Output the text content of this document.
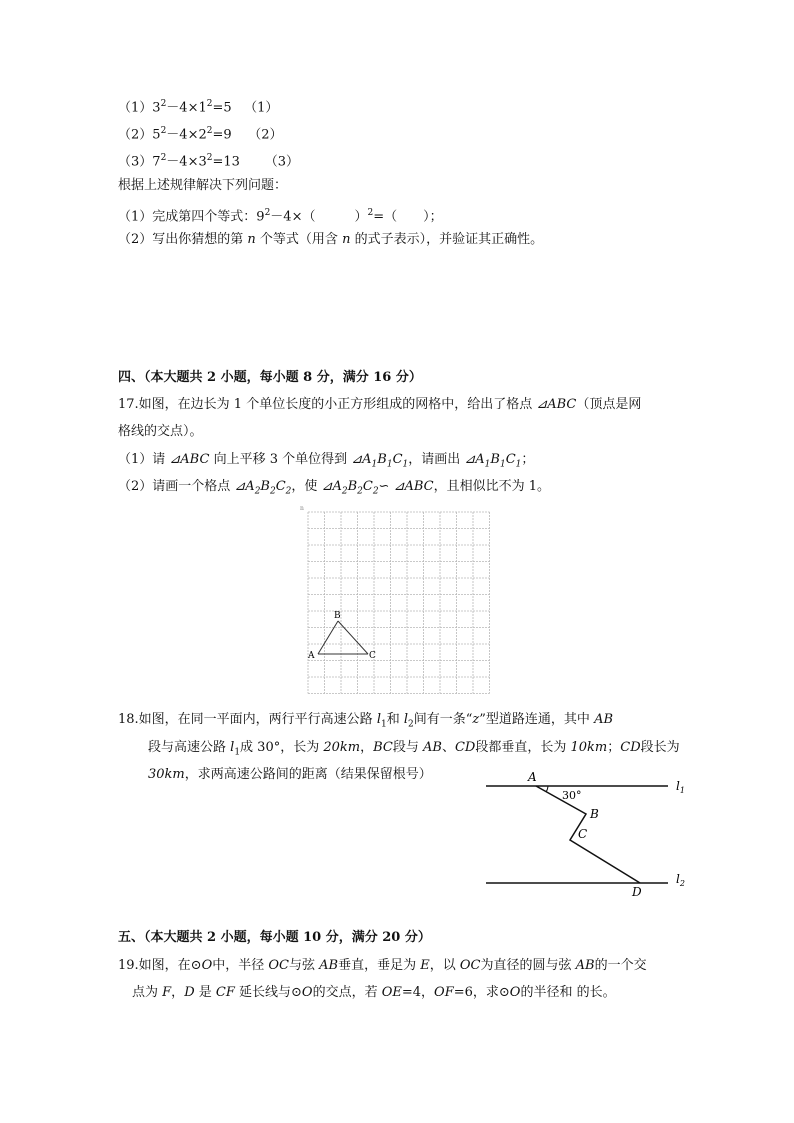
$(1)3^2-4\times 1^2=5$ （1）
$(2)5^2-4\times 2^2=9$ （2）
$(3)7^2-4\times 3^2=13$ （3）
根据上述规律解决下列问题：
（1）完成第四个等式：$9^2-4\times$（　　　）$^2$=（　　）；
（2）写出你猜想的第 n 个等式（用含 n 的式子表示），并验证其正确性。
四、（本大题共 2 小题，每小题 8 分，满分 16 分）
17.如图，在边长为 1 个单位长度的小正方形组成的网格中，给出了格点 ⊿ABC（顶点是网
格线的交点）。
（1）请 ⊿ABC 向上平移 3 个单位得到 $⊿A_1B_1C_1$，请画出 $⊿A_1B_1C_1$；
（2）请画一个格点 $⊿A_2B_2C_2$，使 $⊿A_2B_2C_2∽$ ⊿ABC，且相似比不为 1。
A
B
C
n
18.如图，在同一平面内，两行平行高速公路 $l_1$和 $l_2$间有一条“z”型道路连通，其中 AB
段与高速公路 $l_1$成 30°，长为 20km，BC段与 AB、CD段都垂直，长为 10km；CD段长为
30km，求两高速公路间的距离（结果保留根号）	A
30°
B
C
D
$l_1$
$l_2$
五、（本大题共 2 小题，每小题 10 分，满分 20 分）
19.如图，在⊙O中，半径 OC与弦 AB垂直，垂足为 E，以 OC为直径的圆与弦 AB的一个交
点为 F，D 是 CF 延长线与⊙O的交点，若 OE=4，OF=6，求⊙O的半径和 的长。
